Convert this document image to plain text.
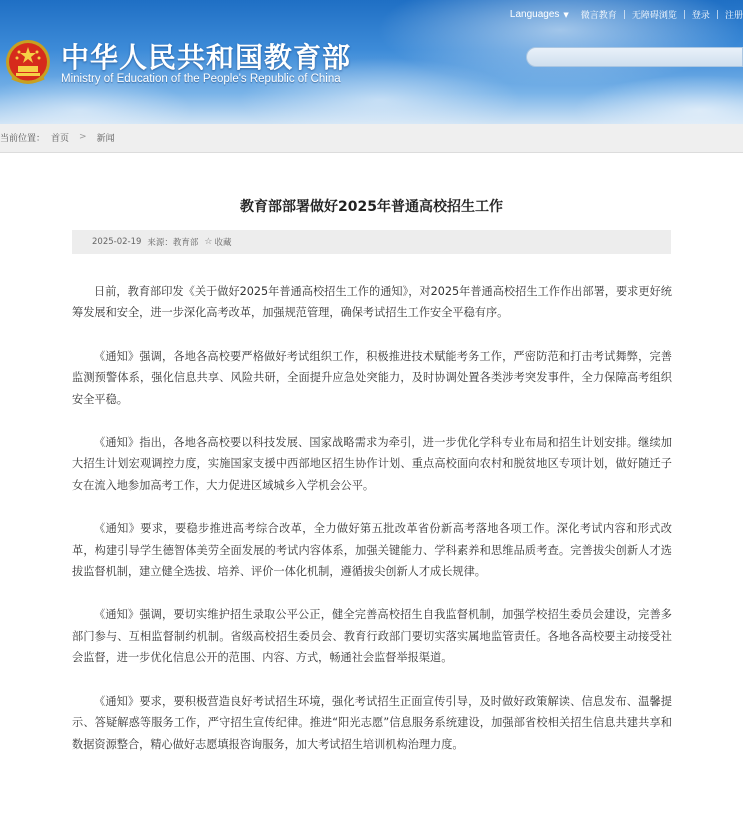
中华人民共和国教育部
Ministry of Education of the People's Republic of China
Languages ▼ 微言教育 | 无障碍浏览 | 登录 | 注册
当前位置： 首页 > 新闻
教育部部署做好2025年普通高校招生工作
2025-02-19 来源：教育部 ☆ 收藏

日前，教育部印发《关于做好2025年普通高校招生工作的通知》，对2025年普通高校招生工作作出部署，要求更好统筹发展和安全，进一步深化高考改革，加强规范管理，确保考试招生工作安全平稳有序。

《通知》强调，各地各高校要严格做好考试组织工作，积极推进技术赋能考务工作，严密防范和打击考试舞弊，完善监测预警体系，强化信息共享、风险共研，全面提升应急处突能力，及时协调处置各类涉考突发事件，全力保障高考组织安全平稳。

《通知》指出，各地各高校要以科技发展、国家战略需求为牵引，进一步优化学科专业布局和招生计划安排。继续加大招生计划宏观调控力度，实施国家支援中西部地区招生协作计划、重点高校面向农村和脱贫地区专项计划，做好随迁子女在流入地参加高考工作，大力促进区域城乡入学机会公平。

《通知》要求，要稳步推进高考综合改革，全力做好第五批改革省份新高考落地各项工作。深化考试内容和形式改革，构建引导学生德智体美劳全面发展的考试内容体系，加强关键能力、学科素养和思维品质考查。完善拔尖创新人才选拔监督机制，建立健全选拔、培养、评价一体化机制，遵循拔尖创新人才成长规律。

《通知》强调，要切实维护招生录取公平公正，健全完善高校招生自我监督机制，加强学校招生委员会建设，完善多部门参与、互相监督制约机制。省级高校招生委员会、教育行政部门要切实落实属地监管责任。各地各高校要主动接受社会监督，进一步优化信息公开的范围、内容、方式，畅通社会监督举报渠道。

《通知》要求，要积极营造良好考试招生环境，强化考试招生正面宣传引导，及时做好政策解读、信息发布、温馨提示、答疑解惑等服务工作，严守招生宣传纪律。推进“阳光志愿”信息服务系统建设，加强部省校相关招生信息共建共享和数据资源整合，精心做好志愿填报咨询服务，加大考试招生培训机构治理力度。
